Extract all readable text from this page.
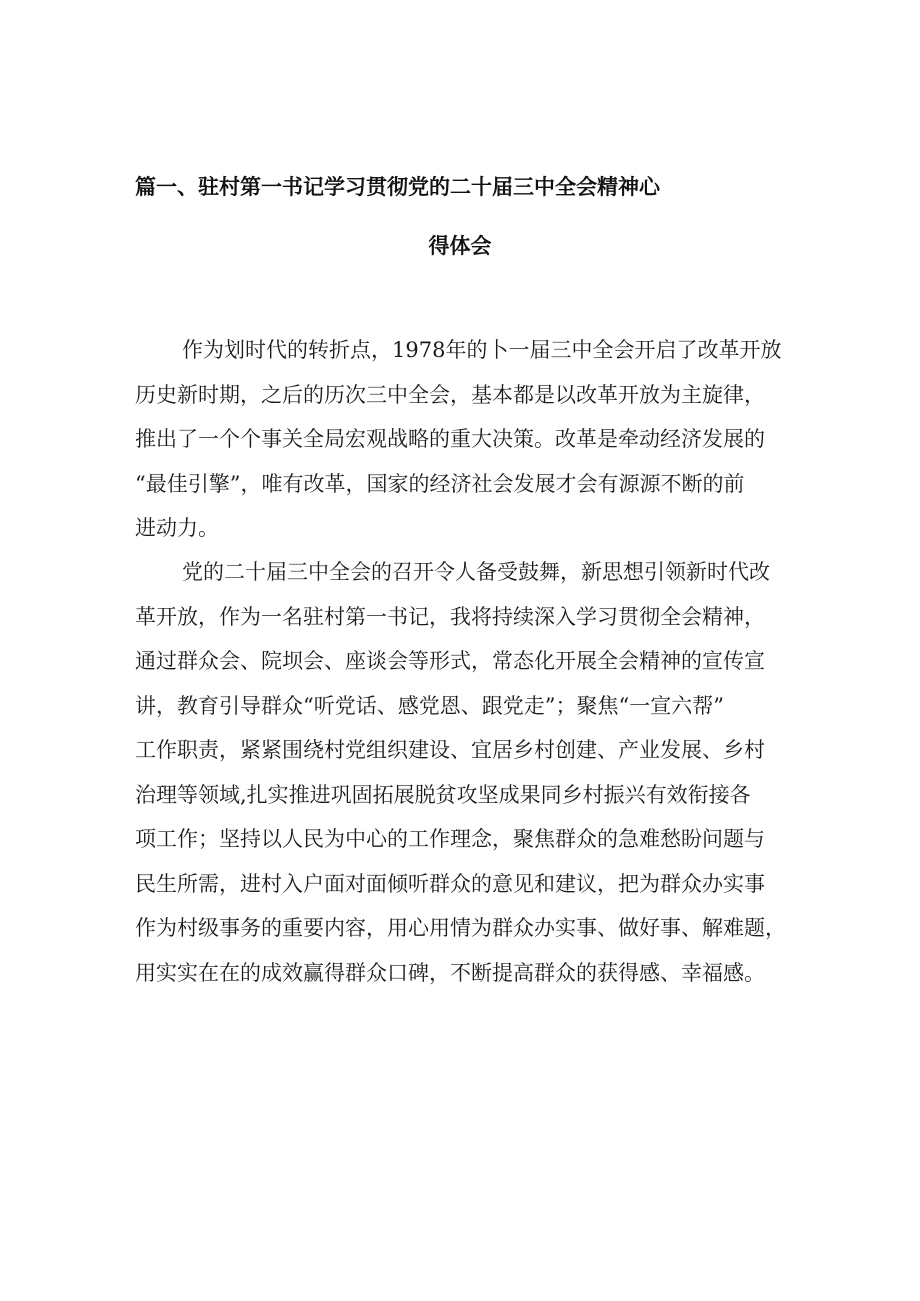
篇一、驻村第一书记学习贯彻党的二十届三中全会精神心
得体会
作为划时代的转折点，1978年的卜一届三中全会开启了改革开放
历史新时期，之后的历次三中全会，基本都是以改革开放为主旋律，
推出了一个个事关全局宏观战略的重大决策。改革是牵动经济发展的
“最佳引擎”，唯有改革，国家的经济社会发展才会有源源不断的前
进动力。
党的二十届三中全会的召开令人备受鼓舞，新思想引领新时代改
革开放，作为一名驻村第一书记，我将持续深入学习贯彻全会精神，
通过群众会、院坝会、座谈会等形式，常态化开展全会精神的宣传宣
讲，教育引导群众“听党话、感党恩、跟党走”；聚焦“一宣六帮”
工作职责，紧紧围绕村党组织建设、宜居乡村创建、产业发展、乡村
治理等领域,扎实推进巩固拓展脱贫攻坚成果同乡村振兴有效衔接各
项工作；坚持以人民为中心的工作理念，聚焦群众的急难愁盼问题与
民生所需，进村入户面对面倾听群众的意见和建议，把为群众办实事
作为村级事务的重要内容，用心用情为群众办实事、做好事、解难题，
用实实在在的成效赢得群众口碑，不断提高群众的获得感、幸福感。
